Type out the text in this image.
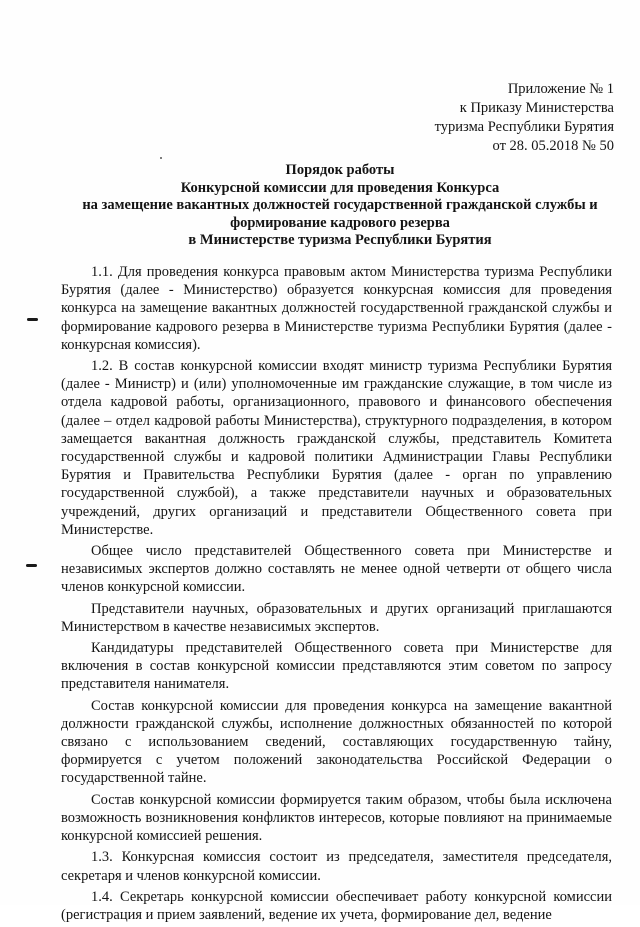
Приложение № 1
к Приказу Министерства
туризма Республики Бурятия
от 28. 05.2018 № 50
Порядок работы
Конкурсной комиссии для проведения Конкурса
на замещение вакантных должностей государственной гражданской службы и
формирование кадрового резерва
в Министерстве туризма Республики Бурятия

1.1. Для проведения конкурса правовым актом Министерства туризма Республики Бурятия (далее - Министерство) образуется конкурсная комиссия для проведения конкурса на замещение вакантных должностей государственной гражданской службы и формирование кадрового резерва в Министерстве туризма Республики Бурятия (далее - конкурсная комиссия).

1.2. В состав конкурсной комиссии входят министр туризма Республики Бурятия (далее - Министр) и (или) уполномоченные им гражданские служащие, в том числе из отдела кадровой работы, организационного, правового и финансового обеспечения (далее – отдел кадровой работы Министерства), структурного подразделения, в котором замещается вакантная должность гражданской службы, представитель Комитета государственной службы и кадровой политики Администрации Главы Республики Бурятия и Правительства Республики Бурятия (далее - орган по управлению государственной службой), а также представители научных и образовательных учреждений, других организаций и представители Общественного совета при Министерстве.

Общее число представителей Общественного совета при Министерстве и независимых экспертов должно составлять не менее одной четверти от общего числа членов конкурсной комиссии.

Представители научных, образовательных и других организаций приглашаются Министерством в качестве независимых экспертов.

Кандидатуры представителей Общественного совета при Министерстве для включения в состав конкурсной комиссии представляются этим советом по запросу представителя нанимателя.

Состав конкурсной комиссии для проведения конкурса на замещение вакантной должности гражданской службы, исполнение должностных обязанностей по которой связано с использованием сведений, составляющих государственную тайну, формируется с учетом положений законодательства Российской Федерации о государственной тайне.

Состав конкурсной комиссии формируется таким образом, чтобы была исключена возможность возникновения конфликтов интересов, которые повлияют на принимаемые конкурсной комиссией решения.

1.3. Конкурсная комиссия состоит из председателя, заместителя председателя, секретаря и членов конкурсной комиссии.

1.4. Секретарь конкурсной комиссии обеспечивает работу конкурсной комиссии (регистрация и прием заявлений, ведение их учета, формирование дел, ведение
